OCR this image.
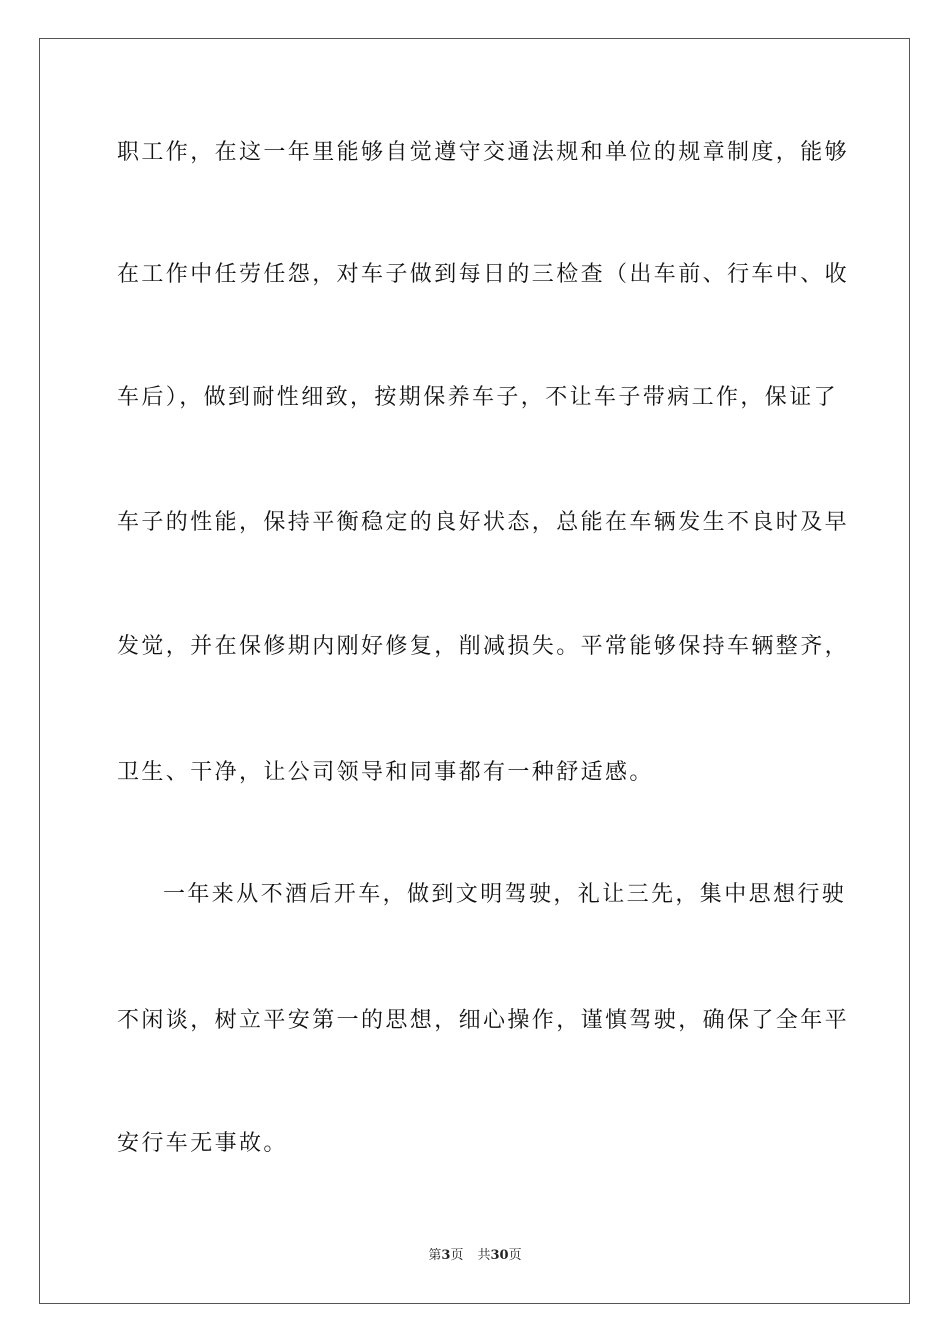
职工作，在这一年里能够自觉遵守交通法规和单位的规章制度，能够
在工作中任劳任怨，对车子做到每日的三检查（出车前、行车中、收
车后），做到耐性细致，按期保养车子，不让车子带病工作，保证了
车子的性能，保持平衡稳定的良好状态，总能在车辆发生不良时及早
发觉，并在保修期内刚好修复，削减损失。平常能够保持车辆整齐，
卫生、干净，让公司领导和同事都有一种舒适感。
一年来从不酒后开车，做到文明驾驶，礼让三先，集中思想行驶
不闲谈，树立平安第一的思想，细心操作，谨慎驾驶，确保了全年平
安行车无事故。
第3页 共30页
